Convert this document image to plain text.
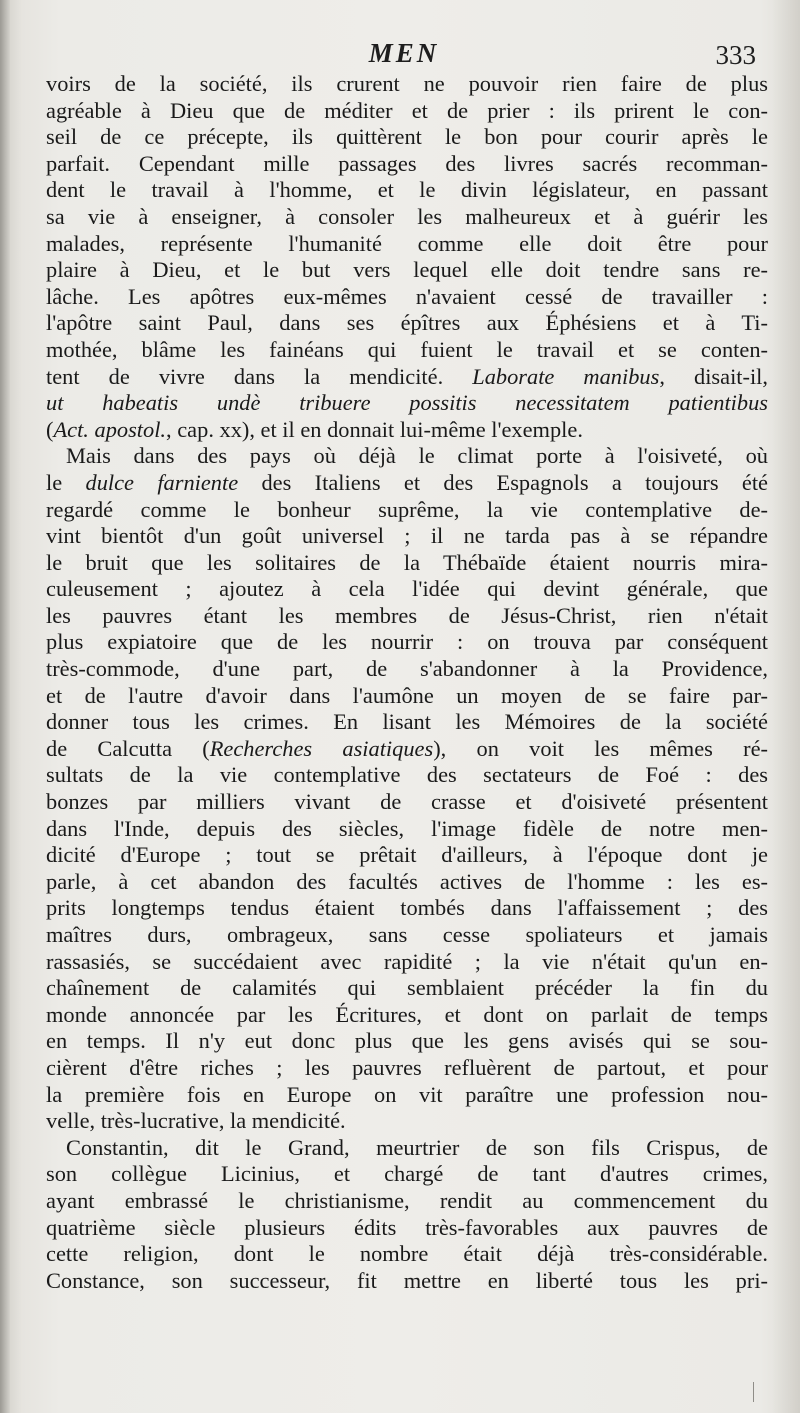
MEN	333
voirs de la société, ils crurent ne pouvoir rien faire de plus
agréable à Dieu que de méditer et de prier : ils prirent le con-
seil de ce précepte, ils quittèrent le bon pour courir après le
parfait. Cependant mille passages des livres sacrés recomman-
dent le travail à l'homme, et le divin législateur, en passant
sa vie à enseigner, à consoler les malheureux et à guérir les
malades, représente l'humanité comme elle doit être pour
plaire à Dieu, et le but vers lequel elle doit tendre sans re-
lâche. Les apôtres eux-mêmes n'avaient cessé de travailler :
l'apôtre saint Paul, dans ses épîtres aux Éphésiens et à Ti-
mothée, blâme les fainéans qui fuient le travail et se conten-
tent de vivre dans la mendicité. Laborate manibus, disait-il,
ut habeatis undè tribuere possitis necessitatem patientibus
(Act. apostol., cap. xx), et il en donnait lui-même l'exemple.
Mais dans des pays où déjà le climat porte à l'oisiveté, où
le dulce farniente des Italiens et des Espagnols a toujours été
regardé comme le bonheur suprême, la vie contemplative de-
vint bientôt d'un goût universel ; il ne tarda pas à se répandre
le bruit que les solitaires de la Thébaïde étaient nourris mira-
culeusement ; ajoutez à cela l'idée qui devint générale, que
les pauvres étant les membres de Jésus-Christ, rien n'était
plus expiatoire que de les nourrir : on trouva par conséquent
très-commode, d'une part, de s'abandonner à la Providence,
et de l'autre d'avoir dans l'aumône un moyen de se faire par-
donner tous les crimes. En lisant les Mémoires de la société
de Calcutta (Recherches asiatiques), on voit les mêmes ré-
sultats de la vie contemplative des sectateurs de Foé : des
bonzes par milliers vivant de crasse et d'oisiveté présentent
dans l'Inde, depuis des siècles, l'image fidèle de notre men-
dicité d'Europe ; tout se prêtait d'ailleurs, à l'époque dont je
parle, à cet abandon des facultés actives de l'homme : les es-
prits longtemps tendus étaient tombés dans l'affaissement ; des
maîtres durs, ombrageux, sans cesse spoliateurs et jamais
rassasiés, se succédaient avec rapidité ; la vie n'était qu'un en-
chaînement de calamités qui semblaient précéder la fin du
monde annoncée par les Écritures, et dont on parlait de temps
en temps. Il n'y eut donc plus que les gens avisés qui se sou-
cièrent d'être riches ; les pauvres refluèrent de partout, et pour
la première fois en Europe on vit paraître une profession nou-
velle, très-lucrative, la mendicité.
Constantin, dit le Grand, meurtrier de son fils Crispus, de
son collègue Licinius, et chargé de tant d'autres crimes,
ayant embrassé le christianisme, rendit au commencement du
quatrième siècle plusieurs édits très-favorables aux pauvres de
cette religion, dont le nombre était déjà très-considérable.
Constance, son successeur, fit mettre en liberté tous les pri-
